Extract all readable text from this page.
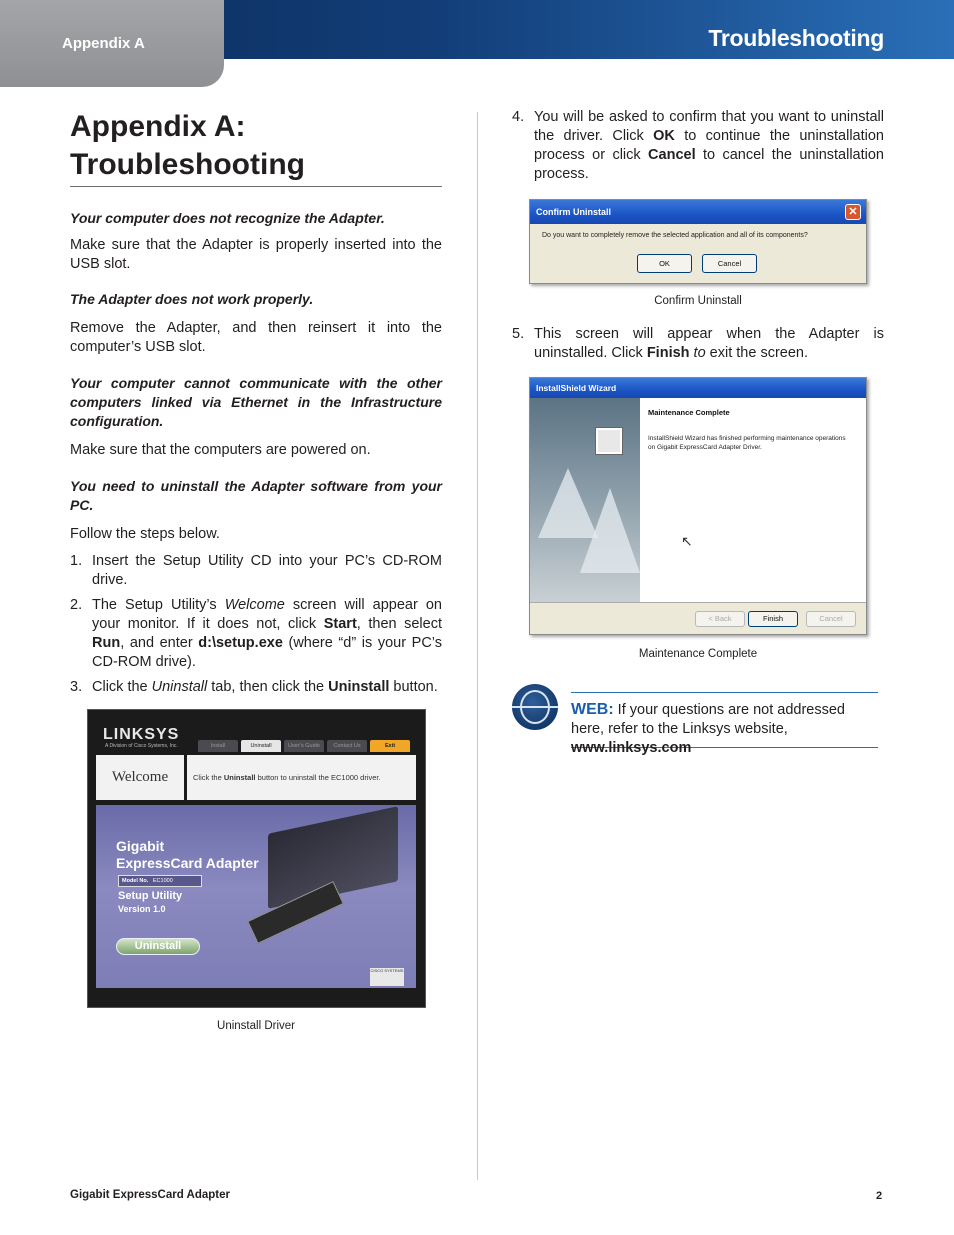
Appendix A	Troubleshooting
Appendix A:
Troubleshooting

Your computer does not recognize the Adapter.

Make sure that the Adapter is properly inserted into the USB slot.

The Adapter does not work properly.

Remove the Adapter, and then reinsert it into the computer’s USB slot.

Your computer cannot communicate with the other computers linked via Ethernet in the Infrastructure configuration.

Make sure that the computers are powered on.

You need to uninstall the Adapter software from your PC.

Follow the steps below.

1. Insert the Setup Utility CD into your PC’s CD-ROM drive.
2. The Setup Utility’s Welcome screen will appear on your monitor. If it does not, click Start, then select Run, and enter d:\setup.exe (where “d” is your PC’s CD-ROM drive).
3. Click the Uninstall tab, then click the Uninstall button.
LINKSYS
A Division of Cisco Systems, Inc.	Install	Uninstall	User’s Guide	Contact Us	Exit
Welcome	Click the Uninstall button to uninstall the EC1000 driver.
Gigabit
ExpressCard Adapter
Model No. EC1000
Setup Utility
Version 1.0
Uninstall
CISCO SYSTEMS
Uninstall Driver
4. You will be asked to confirm that you want to uninstall the driver. Click OK to continue the uninstallation process or click Cancel to cancel the uninstallation process.
Confirm Uninstall	✕
Do you want to completely remove the selected application and all of its components?
OK	Cancel
Confirm Uninstall
5. This screen will appear when the Adapter is uninstalled. Click Finish to exit the screen.
InstallShield Wizard
Maintenance Complete
InstallShield Wizard has finished performing maintenance operations on Gigabit ExpressCard Adapter Driver.
↖
< Back	Finish	Cancel
Maintenance Complete
WEB: If your questions are not addressed here, refer to the Linksys website, www.linksys.com
Gigabit ExpressCard Adapter	2
